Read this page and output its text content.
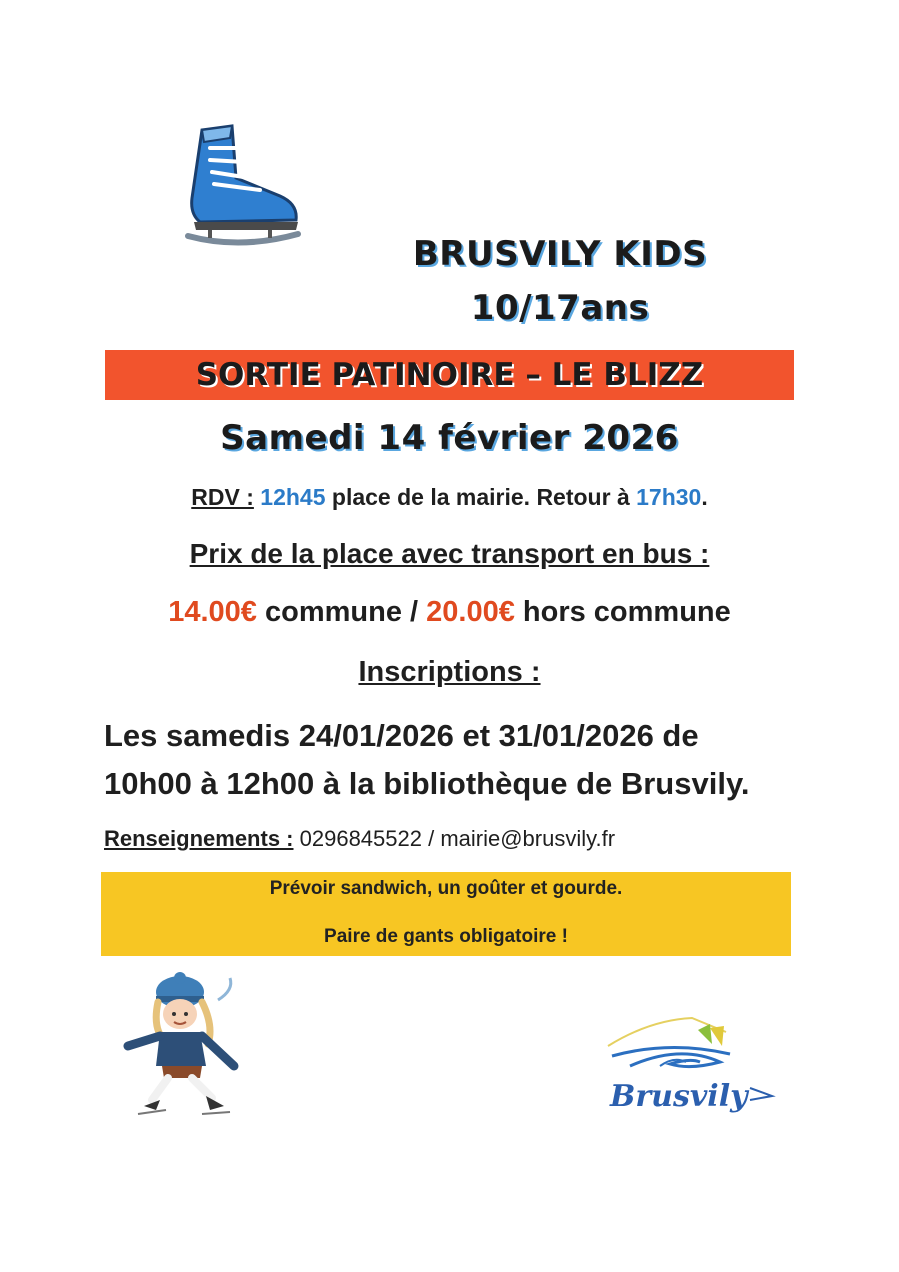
BRUSVILY KIDS
10/17ans
SORTIE PATINOIRE – LE BLIZZ
Samedi 14 février 2026
RDV : 12h45 place de la mairie. Retour à 17h30.
Prix de la place avec transport en bus :
14.00€ commune / 20.00€ hors commune
Inscriptions :
Les samedis 24/01/2026 et 31/01/2026 de
10h00 à 12h00 à la bibliothèque de Brusvily.
Renseignements : 0296845522 / mairie@brusvily.fr
Prévoir sandwich, un goûter et gourde.
Paire de gants obligatoire !
Brusvily
